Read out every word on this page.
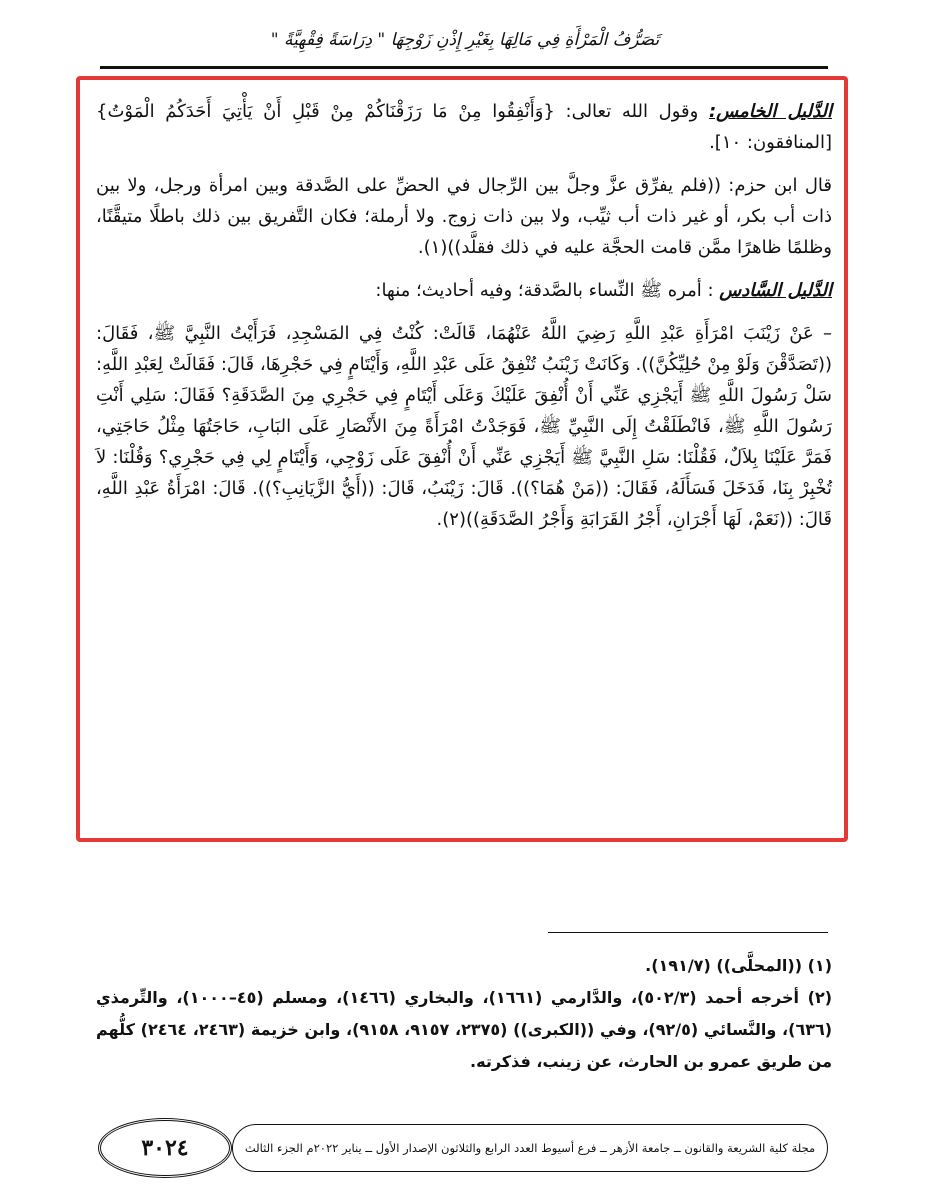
تَصَرُّفُ الْمَرْأَةِ فِي مَالِهَا بِغَيْرِ إِذْنِ زَوْجِهَا " دِرَاسَةً فِقْهِيَّةً "

الدَّليل الخامس: وقول الله تعالى: {وَأَنْفِقُوا مِنْ مَا رَزَقْنَاكُمْ مِنْ قَبْلِ أَنْ يَأْتِيَ أَحَدَكُمُ الْمَوْتُ} [المنافقون: ١٠].

قال ابن حزم: ((فلم يفرِّق عزَّ وجلَّ بين الرِّجال في الحضِّ على الصَّدقة وبين امرأة ورجل، ولا بين ذات أب بكر، أو غير ذات أب ثيِّب، ولا بين ذات زوج. ولا أرملة؛ فكان التَّفريق بين ذلك باطلًا متيقَّنًا، وظلمًا ظاهرًا ممَّن قامت الحجَّة عليه في ذلك فقلَّد))(١).

الدَّليل السَّادس : أمره ﷺ النِّساء بالصَّدقة؛ وفيه أحاديث؛ منها:

– عَنْ زَيْنَبَ امْرَأَةِ عَبْدِ اللَّهِ رَضِيَ اللَّهُ عَنْهُمَا، قَالَتْ: كُنْتُ فِي المَسْجِدِ، فَرَأَيْتُ النَّبِيَّ ﷺ، فَقَالَ: ((تَصَدَّقْنَ وَلَوْ مِنْ حُلِيِّكُنَّ)). وَكَانَتْ زَيْنَبُ تُنْفِقُ عَلَى عَبْدِ اللَّهِ، وَأَيْتَامٍ فِي حَجْرِهَا، قَالَ: فَقَالَتْ لِعَبْدِ اللَّهِ: سَلْ رَسُولَ اللَّهِ ﷺ أَيَجْزِي عَنِّي أَنْ أُنْفِقَ عَلَيْكَ وَعَلَى أَيْتَامٍ فِي حَجْرِي مِنَ الصَّدَقَةِ؟ فَقَالَ: سَلِي أَنْتِ رَسُولَ اللَّهِ ﷺ، فَانْطَلَقْتُ إِلَى النَّبِيِّ ﷺ، فَوَجَدْتُ امْرَأَةً مِنَ الأَنْصَارِ عَلَى البَابِ، حَاجَتُهَا مِثْلُ حَاجَتِي، فَمَرَّ عَلَيْنَا بِلاَلٌ، فَقُلْنَا: سَلِ النَّبِيَّ ﷺ أَيَجْزِي عَنِّي أَنْ أُنْفِقَ عَلَى زَوْجِي، وَأَيْتَامٍ لِي فِي حَجْرِي؟ وَقُلْنَا: لاَ تُخْبِرْ بِنَا، فَدَخَلَ فَسَأَلَهُ، فَقَالَ: ((مَنْ هُمَا؟)). قَالَ: زَيْنَبُ، قَالَ: ((أَيُّ الزَّيَانِبِ؟)). قَالَ: امْرَأَةُ عَبْدِ اللَّهِ، قَالَ: ((نَعَمْ، لَهَا أَجْرَانِ، أَجْرُ القَرَابَةِ وَأَجْرُ الصَّدَقَةِ))(٢).

(١) ((المحلَّى)) (١٩١/٧).

(٢) أخرجه أحمد (٥٠٢/٣)، والدَّارمي (١٦٦١)، والبخاري (١٤٦٦)، ومسلم (٤٥–١٠٠٠)، والتِّرمذي (٦٣٦)، والنَّسائي (٩٢/٥)، وفي ((الكبرى)) (٢٣٧٥، ٩١٥٧، ٩١٥٨)، وابن خزيمة (٢٤٦٣، ٢٤٦٤) كلُّهم من طريق عمرو بن الحارث، عن زينب، فذكرته.

٣٠٢٤	مجلة كلية الشريعة والقانون ــ جامعة الأزهر ــ فرع أسيوط العدد الرابع والثلاثون الإصدار الأول ــ يناير ٢٠٢٢م الجزء الثالث
